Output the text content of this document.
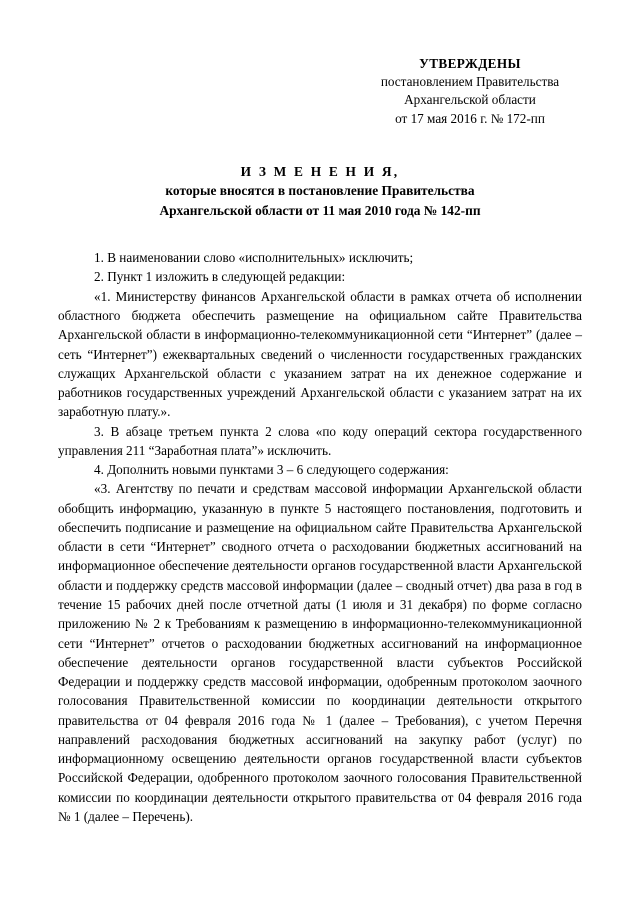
УТВЕРЖДЕНЫ
постановлением Правительства
Архангельской области
от 17 мая 2016 г. № 172-пп
И З М Е Н Е Н И Я,
которые вносятся в постановление Правительства
Архангельской области от 11 мая 2010 года № 142-пп

1. В наименовании слово «исполнительных» исключить;

2. Пункт 1 изложить в следующей редакции:

«1. Министерству финансов Архангельской области в рамках отчета об исполнении областного бюджета обеспечить размещение на официальном сайте Правительства Архангельской области в информационно-телекоммуникационной сети “Интернет” (далее – сеть “Интернет”) ежеквартальных сведений о численности государственных гражданских служащих Архангельской области с указанием затрат на их денежное содержание и работников государственных учреждений Архангельской области с указанием затрат на их заработную плату.».

3. В абзаце третьем пункта 2 слова «по коду операций сектора государственного управления 211 “Заработная плата”» исключить.

4. Дополнить новыми пунктами 3 – 6 следующего содержания:

«3. Агентству по печати и средствам массовой информации Архангельской области обобщить информацию, указанную в пункте 5 настоящего постановления, подготовить и обеспечить подписание и размещение на официальном сайте Правительства Архангельской области в сети “Интернет” сводного отчета о расходовании бюджетных ассигнований на информационное обеспечение деятельности органов государственной власти Архангельской области и поддержку средств массовой информации (далее – сводный отчет) два раза в год в течение 15 рабочих дней после отчетной даты (1 июля и 31 декабря) по форме согласно приложению № 2 к Требованиям к размещению в информационно-телекоммуникационной сети “Интернет” отчетов о расходовании бюджетных ассигнований на информационное обеспечение деятельности органов государственной власти субъектов Российской Федерации и поддержку средств массовой информации, одобренным протоколом заочного голосования Правительственной комиссии по координации деятельности открытого правительства от 04 февраля 2016 года № 1 (далее – Требования), с учетом Перечня направлений расходования бюджетных ассигнований на закупку работ (услуг) по информационному освещению деятельности органов государственной власти субъектов Российской Федерации, одобренного протоколом заочного голосования Правительственной комиссии по координации деятельности открытого правительства от 04 февраля 2016 года № 1 (далее – Перечень).
